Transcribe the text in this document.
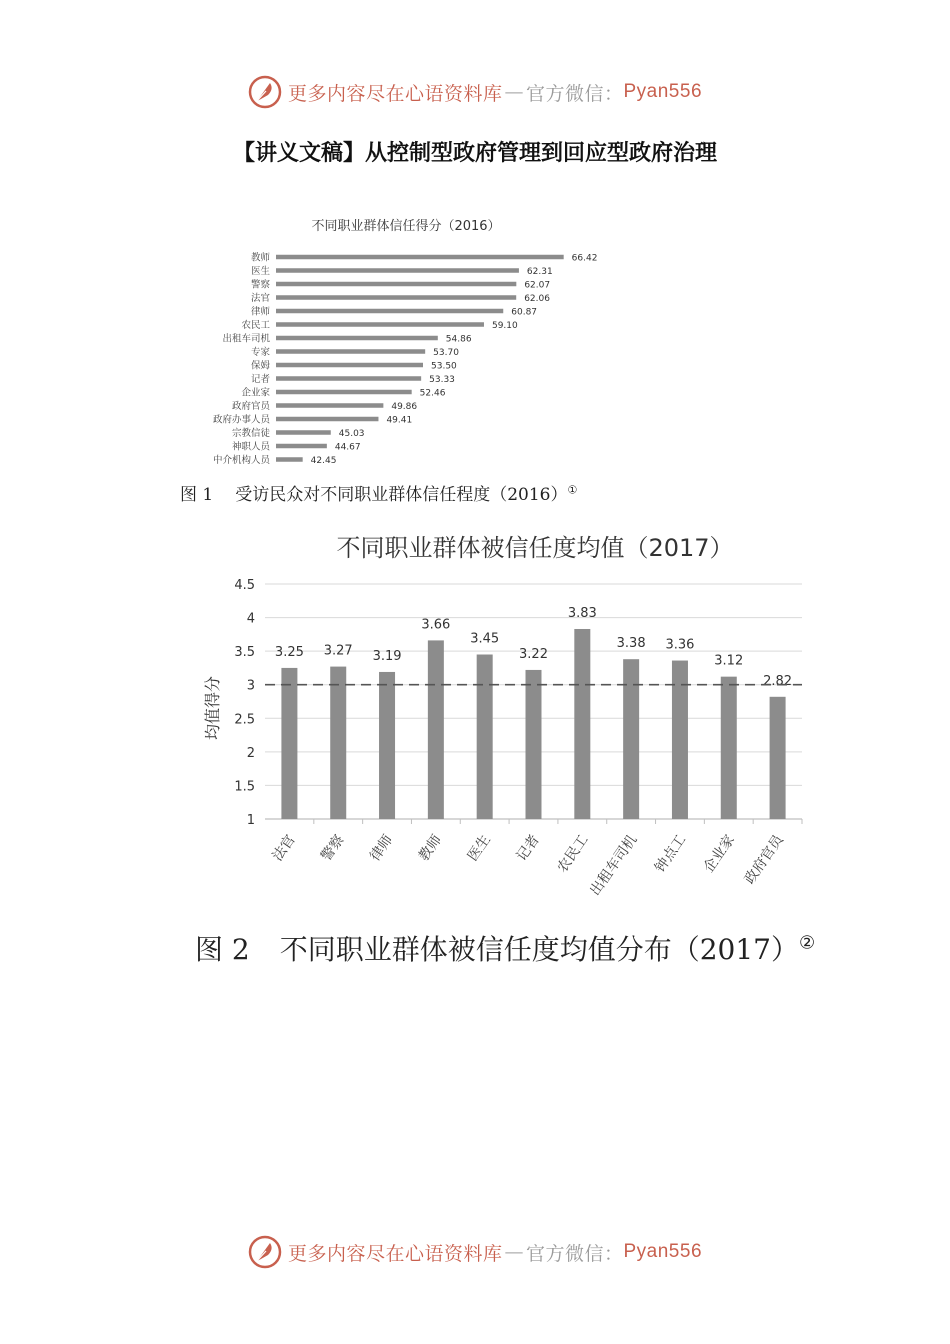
更多内容尽在心语资料库 — 官方微信： Pyan556
【讲义文稿】从控制型政府管理到回应型政府治理
不同职业群体信任得分（2016）
教师	66.42
医生	62.31
警察	62.07
法官	62.06
律师	60.87
农民工	59.10
出租车司机	54.86
专家	53.70
保姆	53.50
记者	53.33
企业家	52.46
政府官员	49.86
政府办事人员	49.41
宗教信徒	45.03
神职人员	44.67
中介机构人员	42.45
图 1 受访民众对不同职业群体信任程度（2016）①
不同职业群体被信任度均值（2017）
均值得分
1
1.5
2
2.5
3
3.5
4
4.5
3.25 3.27 3.19
3.66
3.45
3.22
3.83
3.38 3.36
3.12
2.82
法官 警察 律师 教师 医生 记者 农民工
出租车司机 钟点工 企业家 政府官员
图 2 不同职业群体被信任度均值分布（2017）②
更多内容尽在心语资料库 — 官方微信： Pyan556
